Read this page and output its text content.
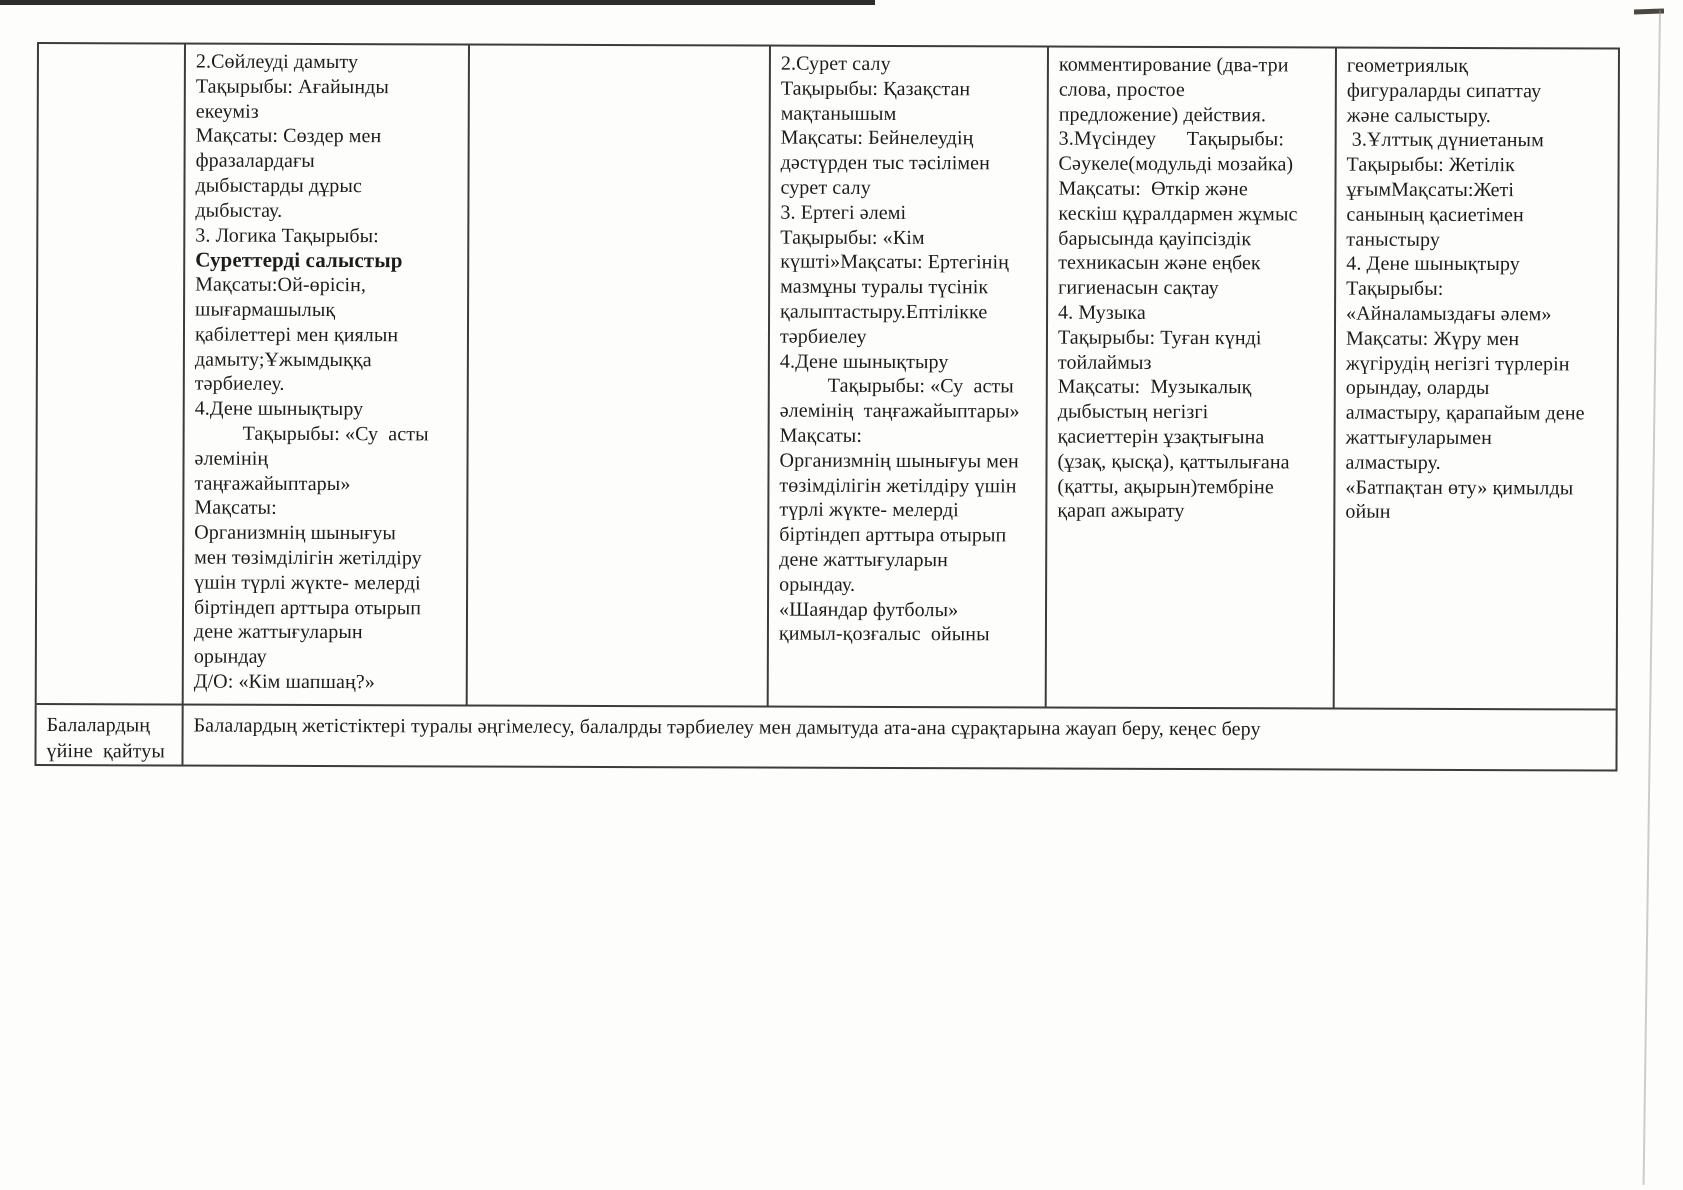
2.Сөйлеуді дамыту
Тақырыбы: Ағайынды
екеуміз
Мақсаты: Сөздер мен
фразалардағы
дыбыстарды дұрыс
дыбыстау.
3. Логика Тақырыбы:
Суреттерді салыстыр
Мақсаты:Ой-өрісін,
шығармашылық
қабілеттері мен қиялын
дамыту;Ұжымдыққа
тәрбиелеу.
4.Дене шынықтыру
Тақырыбы: «Су  асты
әлемінің
таңғажайыптары»
Мақсаты:
Организмнің шынығуы
мен төзімділігін жетілдіру
үшін түрлі жүкте- мелерді
біртіндеп арттыра отырып
дене жаттығуларын
орындау
Д/О: «Кім шапшаң?»
2.Сурет салу
Тақырыбы: Қазақстан
мақтанышым
Мақсаты: Бейнелеудің
дәстүрден тыс тәсілімен
сурет салу
3. Ертегі әлемі
Тақырыбы: «Кім
күшті»Мақсаты: Ертегінің
мазмұны туралы түсінік
қалыптастыру.Ептілікке
тәрбиелеу
4.Дене шынықтыру
Тақырыбы: «Су  асты
әлемінің  таңғажайыптары»
Мақсаты:
Организмнің шынығуы мен
төзімділігін жетілдіру үшін
түрлі жүкте- мелерді
біртіндеп арттыра отырып
дене жаттығуларын
орындау.
«Шаяндар футболы»
қимыл-қозғалыс  ойыны
комментирование (два-три
слова, простое
предложение) действия.
3.Мүсіндеу      Тақырыбы:
Сәукеле(модульді мозайка)
Мақсаты:  Өткір және
кескіш құралдармен жұмыс
барысында қауіпсіздік
техникасын және еңбек
гигиенасын сақтау
4. Музыка
Тақырыбы: Туған күнді
тойлаймыз
Мақсаты:  Музыкалық
дыбыстың негізгі
қасиеттерін ұзақтығына
(ұзақ, қысқа), қаттылығана
(қатты, ақырын)тембріне
қарап ажырату
геометриялық
фигураларды сипаттау
және салыстыру.
3.Ұлттық дүниетаным
Тақырыбы: Жетілік
ұғымМақсаты:Жеті
санының қасиетімен
таныстыру
4. Дене шынықтыру
Тақырыбы:
«Айналамыздағы әлем»
Мақсаты: Жүру мен
жүгірудің негізгі түрлерін
орындау, оларды
алмастыру, қарапайым дене
жаттығуларымен
алмастыру.
«Батпақтан өту» қимылды
ойын
Балалардың
үйіне  қайтуы
Балалардың жетістіктері туралы әңгімелесу, балалрды тәрбиелеу мен дамытуда ата-ана сұрақтарына жауап беру, кеңес беру
